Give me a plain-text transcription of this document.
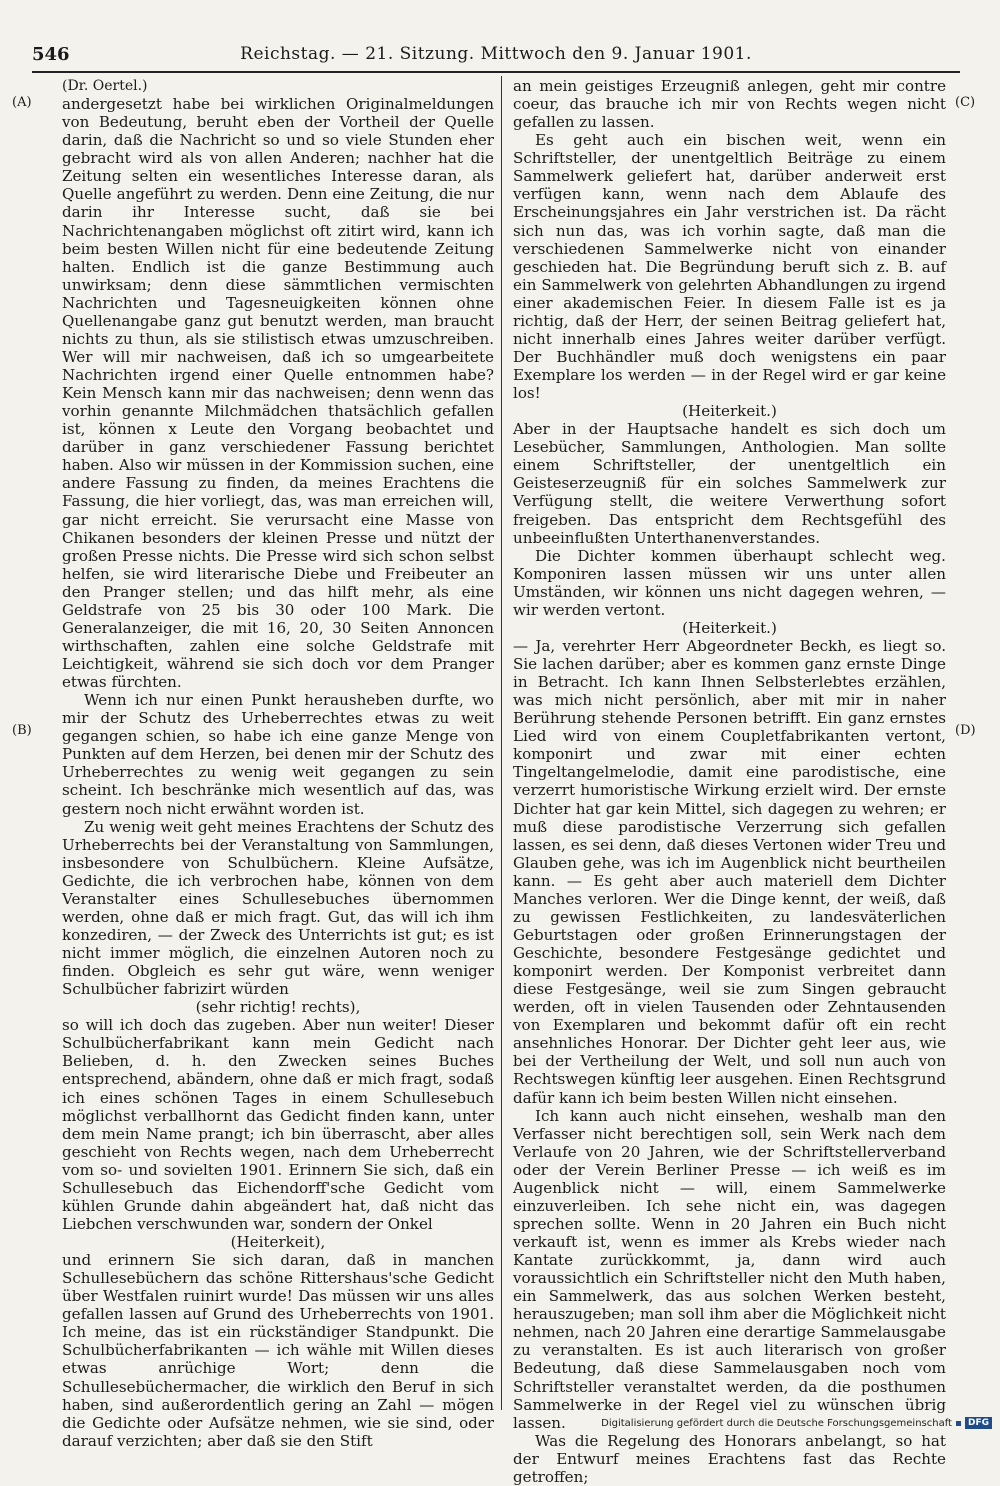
546	Reichstag. — 21. Sitzung. Mittwoch den 9. Januar 1901.
(A)
(B)
(C)
(D)

(Dr. Oertel.)

andergesetzt habe bei wirklichen Originalmeldungen von Bedeutung, beruht eben der Vortheil der Quelle darin, daß die Nachricht so und so viele Stunden eher gebracht wird als von allen Anderen; nachher hat die Zeitung selten ein wesentliches Interesse daran, als Quelle angeführt zu werden. Denn eine Zeitung, die nur darin ihr Interesse sucht, daß sie bei Nachrichtenangaben möglichst oft zitirt wird, kann ich beim besten Willen nicht für eine bedeutende Zeitung halten. Endlich ist die ganze Bestimmung auch unwirksam; denn diese sämmtlichen vermischten Nachrichten und Tagesneuigkeiten können ohne Quellenangabe ganz gut benutzt werden, man braucht nichts zu thun, als sie stilistisch etwas umzuschreiben. Wer will mir nachweisen, daß ich so umgearbeitete Nachrichten irgend einer Quelle entnommen habe? Kein Mensch kann mir das nachweisen; denn wenn das vorhin genannte Milchmädchen thatsächlich gefallen ist, können x Leute den Vorgang beobachtet und darüber in ganz verschiedener Fassung berichtet haben. Also wir müssen in der Kommission suchen, eine andere Fassung zu finden, da meines Erachtens die Fassung, die hier vorliegt, das, was man erreichen will, gar nicht erreicht. Sie verursacht eine Masse von Chikanen besonders der kleinen Presse und nützt der großen Presse nichts. Die Presse wird sich schon selbst helfen, sie wird literarische Diebe und Freibeuter an den Pranger stellen; und das hilft mehr, als eine Geldstrafe von 25 bis 30 oder 100 Mark. Die Generalanzeiger, die mit 16, 20, 30 Seiten Annoncen wirthschaften, zahlen eine solche Geldstrafe mit Leichtigkeit, während sie sich doch vor dem Pranger etwas fürchten.

Wenn ich nur einen Punkt herausheben durfte, wo mir der Schutz des Urheberrechtes etwas zu weit gegangen schien, so habe ich eine ganze Menge von Punkten auf dem Herzen, bei denen mir der Schutz des Urheberrechtes zu wenig weit gegangen zu sein scheint. Ich beschränke mich wesentlich auf das, was gestern noch nicht erwähnt worden ist.

Zu wenig weit geht meines Erachtens der Schutz des Urheberrechts bei der Veranstaltung von Sammlungen, insbesondere von Schulbüchern. Kleine Aufsätze, Gedichte, die ich verbrochen habe, können von dem Veranstalter eines Schullesebuches übernommen werden, ohne daß er mich fragt. Gut, das will ich ihm konzediren, — der Zweck des Unterrichts ist gut; es ist nicht immer möglich, die einzelnen Autoren noch zu finden. Obgleich es sehr gut wäre, wenn weniger Schulbücher fabrizirt würden

(sehr richtig! rechts),

so will ich doch das zugeben. Aber nun weiter! Dieser Schulbücherfabrikant kann mein Gedicht nach Belieben, d. h. den Zwecken seines Buches entsprechend, abändern, ohne daß er mich fragt, sodaß ich eines schönen Tages in einem Schullesebuch möglichst verballhornt das Gedicht finden kann, unter dem mein Name prangt; ich bin überrascht, aber alles geschieht von Rechts wegen, nach dem Urheberrecht vom so- und sovielten 1901. Erinnern Sie sich, daß ein Schullesebuch das Eichendorff'sche Gedicht vom kühlen Grunde dahin abgeändert hat, daß nicht das Liebchen verschwunden war, sondern der Onkel

(Heiterkeit),

und erinnern Sie sich daran, daß in manchen Schullesebüchern das schöne Rittershaus'sche Gedicht über Westfalen ruinirt wurde! Das müssen wir uns alles gefallen lassen auf Grund des Urheberrechts von 1901. Ich meine, das ist ein rückständiger Standpunkt. Die Schulbücherfabrikanten — ich wähle mit Willen dieses etwas anrüchige Wort; denn die Schullesebüchermacher, die wirklich den Beruf in sich haben, sind außerordentlich gering an Zahl — mögen die Gedichte oder Aufsätze nehmen, wie sie sind, oder darauf verzichten; aber daß sie den Stift

an mein geistiges Erzeugniß anlegen, geht mir contre coeur, das brauche ich mir von Rechts wegen nicht gefallen zu lassen.

Es geht auch ein bischen weit, wenn ein Schriftsteller, der unentgeltlich Beiträge zu einem Sammelwerk geliefert hat, darüber anderweit erst verfügen kann, wenn nach dem Ablaufe des Erscheinungsjahres ein Jahr verstrichen ist. Da rächt sich nun das, was ich vorhin sagte, daß man die verschiedenen Sammelwerke nicht von einander geschieden hat. Die Begründung beruft sich z. B. auf ein Sammelwerk von gelehrten Abhandlungen zu irgend einer akademischen Feier. In diesem Falle ist es ja richtig, daß der Herr, der seinen Beitrag geliefert hat, nicht innerhalb eines Jahres weiter darüber verfügt. Der Buchhändler muß doch wenigstens ein paar Exemplare los werden — in der Regel wird er gar keine los!

(Heiterkeit.)

Aber in der Hauptsache handelt es sich doch um Lesebücher, Sammlungen, Anthologien. Man sollte einem Schriftsteller, der unentgeltlich ein Geisteserzeugniß für ein solches Sammelwerk zur Verfügung stellt, die weitere Verwerthung sofort freigeben. Das entspricht dem Rechtsgefühl des unbeeinflußten Unterthanenverstandes.

Die Dichter kommen überhaupt schlecht weg. Komponiren lassen müssen wir uns unter allen Umständen, wir können uns nicht dagegen wehren, — wir werden vertont.

(Heiterkeit.)

— Ja, verehrter Herr Abgeordneter Beckh, es liegt so. Sie lachen darüber; aber es kommen ganz ernste Dinge in Betracht. Ich kann Ihnen Selbsterlebtes erzählen, was mich nicht persönlich, aber mit mir in naher Berührung stehende Personen betrifft. Ein ganz ernstes Lied wird von einem Coupletfabrikanten vertont, komponirt und zwar mit einer echten Tingeltangelmelodie, damit eine parodistische, eine verzerrt humoristische Wirkung erzielt wird. Der ernste Dichter hat gar kein Mittel, sich dagegen zu wehren; er muß diese parodistische Verzerrung sich gefallen lassen, es sei denn, daß dieses Vertonen wider Treu und Glauben gehe, was ich im Augenblick nicht beurtheilen kann. — Es geht aber auch materiell dem Dichter Manches verloren. Wer die Dinge kennt, der weiß, daß zu gewissen Festlichkeiten, zu landesväterlichen Geburtstagen oder großen Erinnerungstagen der Geschichte, besondere Festgesänge gedichtet und komponirt werden. Der Komponist verbreitet dann diese Festgesänge, weil sie zum Singen gebraucht werden, oft in vielen Tausenden oder Zehntausenden von Exemplaren und bekommt dafür oft ein recht ansehnliches Honorar. Der Dichter geht leer aus, wie bei der Vertheilung der Welt, und soll nun auch von Rechtswegen künftig leer ausgehen. Einen Rechtsgrund dafür kann ich beim besten Willen nicht einsehen.

Ich kann auch nicht einsehen, weshalb man den Verfasser nicht berechtigen soll, sein Werk nach dem Verlaufe von 20 Jahren, wie der Schriftstellerverband oder der Verein Berliner Presse — ich weiß es im Augenblick nicht — will, einem Sammelwerke einzuverleiben. Ich sehe nicht ein, was dagegen sprechen sollte. Wenn in 20 Jahren ein Buch nicht verkauft ist, wenn es immer als Krebs wieder nach Kantate zurückkommt, ja, dann wird auch voraussichtlich ein Schriftsteller nicht den Muth haben, ein Sammelwerk, das aus solchen Werken besteht, herauszugeben; man soll ihm aber die Möglichkeit nicht nehmen, nach 20 Jahren eine derartige Sammelausgabe zu veranstalten. Es ist auch literarisch von großer Bedeutung, daß diese Sammelausgaben noch vom Schriftsteller veranstaltet werden, da die posthumen Sammelwerke in der Regel viel zu wünschen übrig lassen.

Was die Regelung des Honorars anbelangt, so hat der Entwurf meines Erachtens fast das Rechte getroffen;

Digitalisierung gefördert durch die Deutsche Forschungsgemeinschaft DFG
